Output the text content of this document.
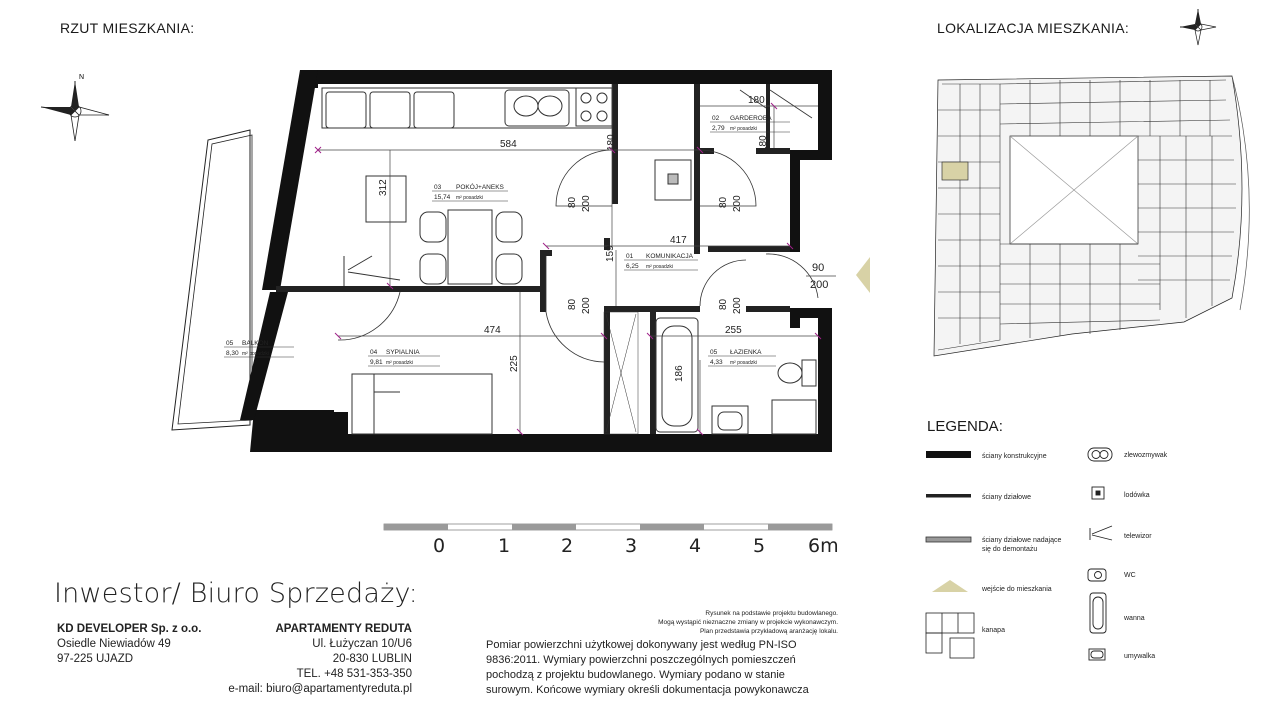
RZUT MIESZKANIA:	LOKALIZACJA MIESZKANIA:
N
584
312
180
180
180
417
159
474
225
255
186
80 200	80 200
80 200	80 200
90
200
03 POKÓJ+ANEKS
15,74 m² posadzki
02 GARDEROBA
2,79 m² posadzki
01 KOMUNIKACJA
6,25 m² posadzki
04 SYPIALNIA
9,81 m² posadzki
05 ŁAZIENKA
4,33 m² posadzki
05 BALKON
8,30 m² posadzki
ściany konstrukcyjne
ściany działowe
ściany działowe nadające
się do demontażu
wejście do mieszkania
kanapa
zlewozmywak
lodówka
telewizor
WC
wanna
umywalka
LEGENDA:
0	1	2	3	4	5 6m
Inwestor/ Biuro Sprzedaży:
KD DEVELOPER Sp. z o.o.
Osiedle Niewiadów 49
97-225 UJAZD
APARTAMENTY REDUTA
Ul. Łużyczan 10/U6
20-830 LUBLIN
TEL. +48 531-353-350
e-mail: biuro@apartamentyreduta.pl
Rysunek na podstawie projektu budowlanego.
Mogą wystąpić nieznaczne zmiany w projekcie wykonawczym.
Plan przedstawia przykładową aranżację lokalu.
Pomiar powierzchni użytkowej dokonywany jest według PN-ISO
9836:2011. Wymiary powierzchni poszczególnych pomieszczeń
pochodzą z projektu budowlanego. Wymiary podano w stanie
surowym. Końcowe wymiary określi dokumentacja powykonawcza
